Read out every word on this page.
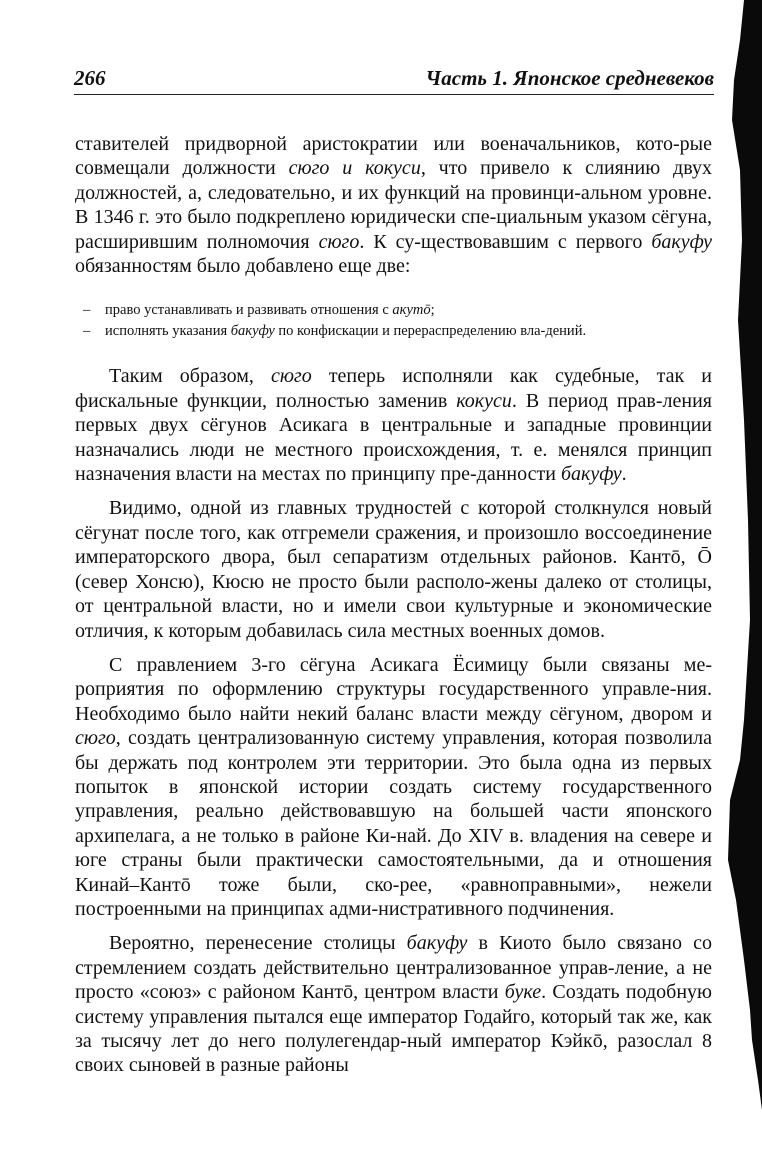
266	Часть 1. Японское средневеков

ставителей придворной аристократии или военачальников, кото-рые совмещали должности сюго и кокуси, что привело к слиянию двух должностей, а, следовательно, и их функций на провинци-альном уровне. В 1346 г. это было подкреплено юридически спе-циальным указом сёгуна, расширившим полномочия сюго. К су-ществовавшим с первого бакуфу обязанностям было добавлено еще две:

– право устанавливать и развивать отношения с акутō;

– исполнять указания бакуфу по конфискации и перераспределению вла-дений.

Таким образом, сюго теперь исполняли как судебные, так и фискальные функции, полностью заменив кокуси. В период прав-ления первых двух сёгунов Асикага в центральные и западные провинции назначались люди не местного происхождения, т. е. менялся принцип назначения власти на местах по принципу пре-данности бакуфу.

Видимо, одной из главных трудностей с которой столкнулся новый сёгунат после того, как отгремели сражения, и произошло воссоединение императорского двора, был сепаратизм отдельных районов. Кантō, Ō (север Хонсю), Кюсю не просто были располо-жены далеко от столицы, от центральной власти, но и имели свои культурные и экономические отличия, к которым добавилась сила местных военных домов.

С правлением 3-го сёгуна Асикага Ёсимицу были связаны ме-роприятия по оформлению структуры государственного управле-ния. Необходимо было найти некий баланс власти между сёгуном, двором и сюго, создать централизованную систему управления, которая позволила бы держать под контролем эти территории. Это была одна из первых попыток в японской истории создать систему государственного управления, реально действовавшую на большей части японского архипелага, а не только в районе Ки-най. До XIV в. владения на севере и юге страны были практически самостоятельными, да и отношения Кинай–Кантō тоже были, ско-рее, «равноправными», нежели построенными на принципах адми-нистративного подчинения.

Вероятно, перенесение столицы бакуфу в Киото было связано со стремлением создать действительно централизованное управ-ление, а не просто «союз» с районом Кантō, центром власти буке. Создать подобную систему управления пытался еще император Годайго, который так же, как за тысячу лет до него полулегендар-ный император Кэйкō, разослал 8 своих сыновей в разные районы
